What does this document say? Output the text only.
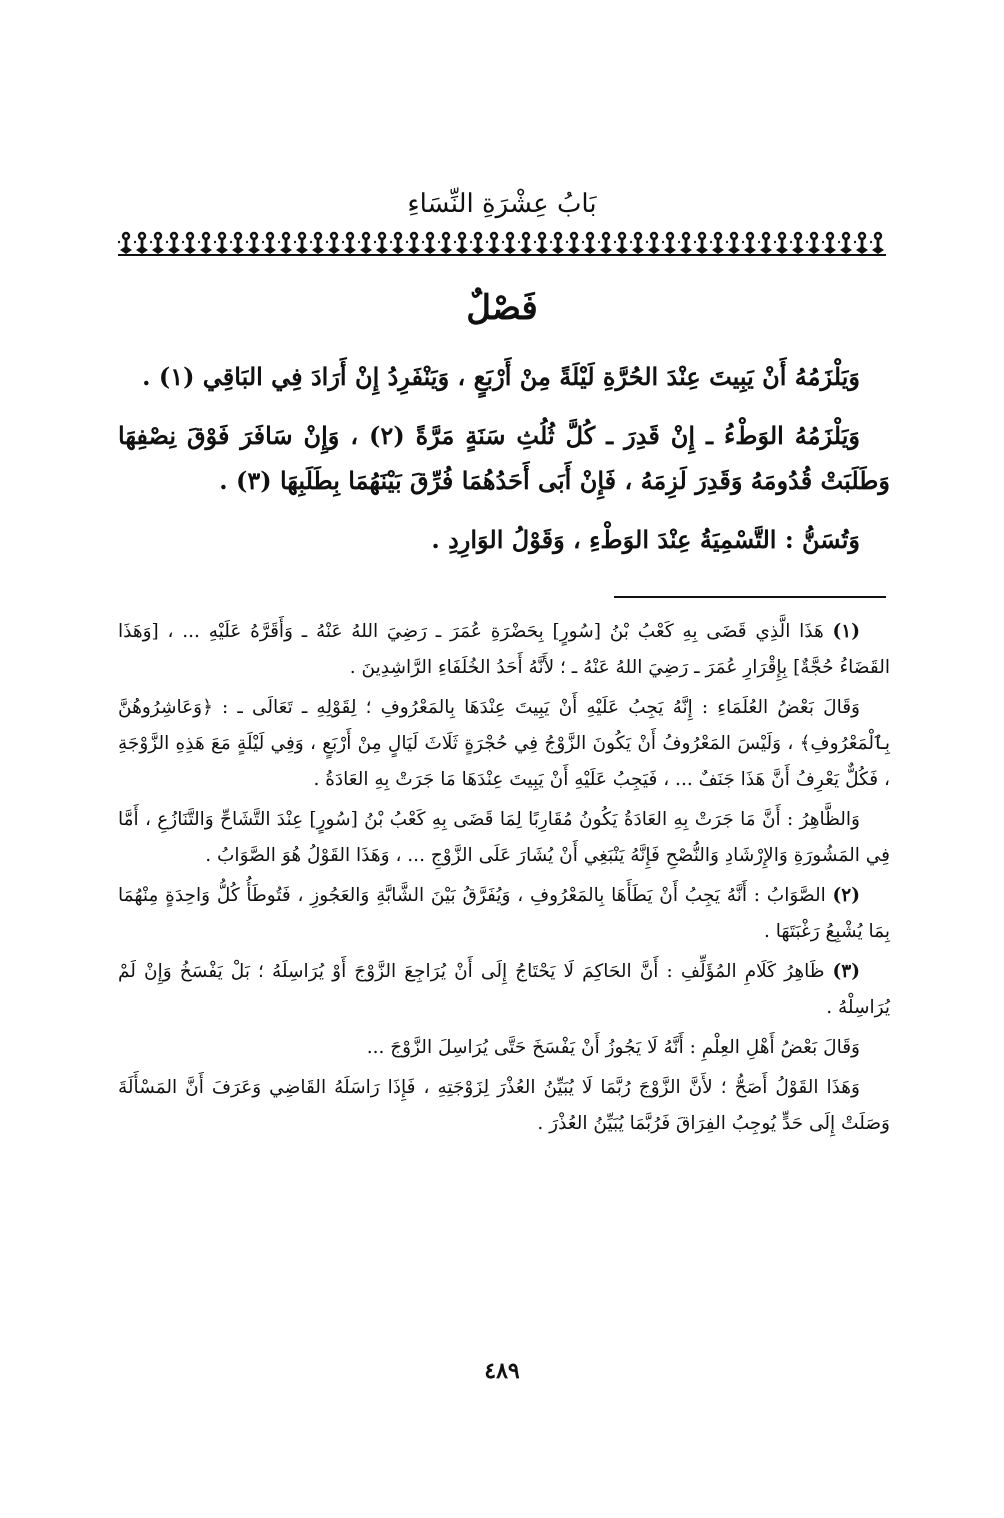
بَابُ عِشْرَةِ النِّسَاءِ
فَصْلٌ

وَيَلْزَمُهُ أَنْ يَبِيتَ عِنْدَ الحُرَّةِ لَيْلَةً مِنْ أَرْبَعٍ ، وَيَنْفَرِدُ إِنْ أَرَادَ فِي البَاقِي (١) .

وَيَلْزَمُهُ الوَطْءُ ـ إِنْ قَدِرَ ـ كُلَّ ثُلُثِ سَنَةٍ مَرَّةً (٢) ، وَإِنْ سَافَرَ فَوْقَ نِصْفِهَا وَطَلَبَتْ قُدُومَهُ وَقَدِرَ لَزِمَهُ ، فَإِنْ أَبَى أَحَدُهُمَا فُرِّقَ بَيْنَهُمَا بِطَلَبِهَا (٣) .

وَتُسَنُّ : التَّسْمِيَةُ عِنْدَ الوَطْءِ ، وَقَوْلُ الوَارِدِ .

(١) هَذَا الَّذِي قَضَى بِهِ كَعْبُ بْنُ [سُورٍ] بِحَضْرَةِ عُمَرَ ـ رَضِيَ اللهُ عَنْهُ ـ وَأَقَرَّهُ عَلَيْهِ ... ، [وَهَذَا القَضَاءُ حُجَّةٌ] بِإِقْرَارِ عُمَرَ ـ رَضِيَ اللهُ عَنْهُ ـ ؛ لأَنَّهُ أَحَدُ الخُلَفَاءِ الرَّاشِدِينَ .

وَقَالَ بَعْضُ العُلَمَاءِ : إِنَّهُ يَجِبُ عَلَيْهِ أَنْ يَبِيتَ عِنْدَهَا بِالمَعْرُوفِ ؛ لِقَوْلِهِ ـ تَعَالَى ـ : ﴿وَعَاشِرُوهُنَّ بِٱلْمَعْرُوفِ﴾ ، وَلَيْسَ المَعْرُوفُ أَنْ يَكُونَ الزَّوْجُ فِي حُجْرَةٍ ثَلَاثَ لَيَالٍ مِنْ أَرْبَعٍ ، وَفِي لَيْلَةٍ مَعَ هَذِهِ الزَّوْجَةِ ، فَكُلٌّ يَعْرِفُ أَنَّ هَذَا جَنَفٌ ... ، فَيَجِبُ عَلَيْهِ أَنْ يَبِيتَ عِنْدَهَا مَا جَرَتْ بِهِ العَادَةُ .

وَالظَّاهِرُ : أَنَّ مَا جَرَتْ بِهِ العَادَةُ يَكُونُ مُقَارِبًا لِمَا قَضَى بِهِ كَعْبُ بْنُ [سُورٍ] عِنْدَ التَّشَاحِّ وَالتَّنَازُعِ ، أَمَّا فِي المَشُورَةِ وَالإِرْشَادِ وَالنُّصْحِ فَإِنَّهُ يَنْبَغِي أَنْ يُشَارَ عَلَى الزَّوْجِ ... ، وَهَذَا القَوْلُ هُوَ الصَّوَابُ .

(٢) الصَّوَابُ : أَنَّهُ يَجِبُ أَنْ يَطَأَهَا بِالمَعْرُوفِ ، وَيُفَرَّقُ بَيْنَ الشَّابَّةِ وَالعَجُوزِ ، فَتُوطَأُ كُلُّ وَاحِدَةٍ مِنْهُمَا بِمَا يُشْبِعُ رَغْبَتَهَا .

(٣) ظَاهِرُ كَلَامِ المُؤَلِّفِ : أَنَّ الحَاكِمَ لَا يَحْتَاجُ إِلَى أَنْ يُرَاجِعَ الزَّوْجَ أَوْ يُرَاسِلَهُ ؛ بَلْ يَفْسَخُ وَإِنْ لَمْ يُرَاسِلْهُ .

وَقَالَ بَعْضُ أَهْلِ العِلْمِ : أَنَّهُ لَا يَجُوزُ أَنْ يَفْسَخَ حَتَّى يُرَاسِلَ الزَّوْجَ ...

وَهَذَا القَوْلُ أَصَحُّ ؛ لأَنَّ الزَّوْجَ رُبَّمَا لَا يُبَيِّنُ العُذْرَ لِزَوْجَتِهِ ، فَإِذَا رَاسَلَهُ القَاضِي وَعَرَفَ أَنَّ المَسْأَلَةَ وَصَلَتْ إِلَى حَدٍّ يُوجِبُ الفِرَاقَ فَرُبَّمَا يُبَيِّنُ العُذْرَ .

٤٨٩
